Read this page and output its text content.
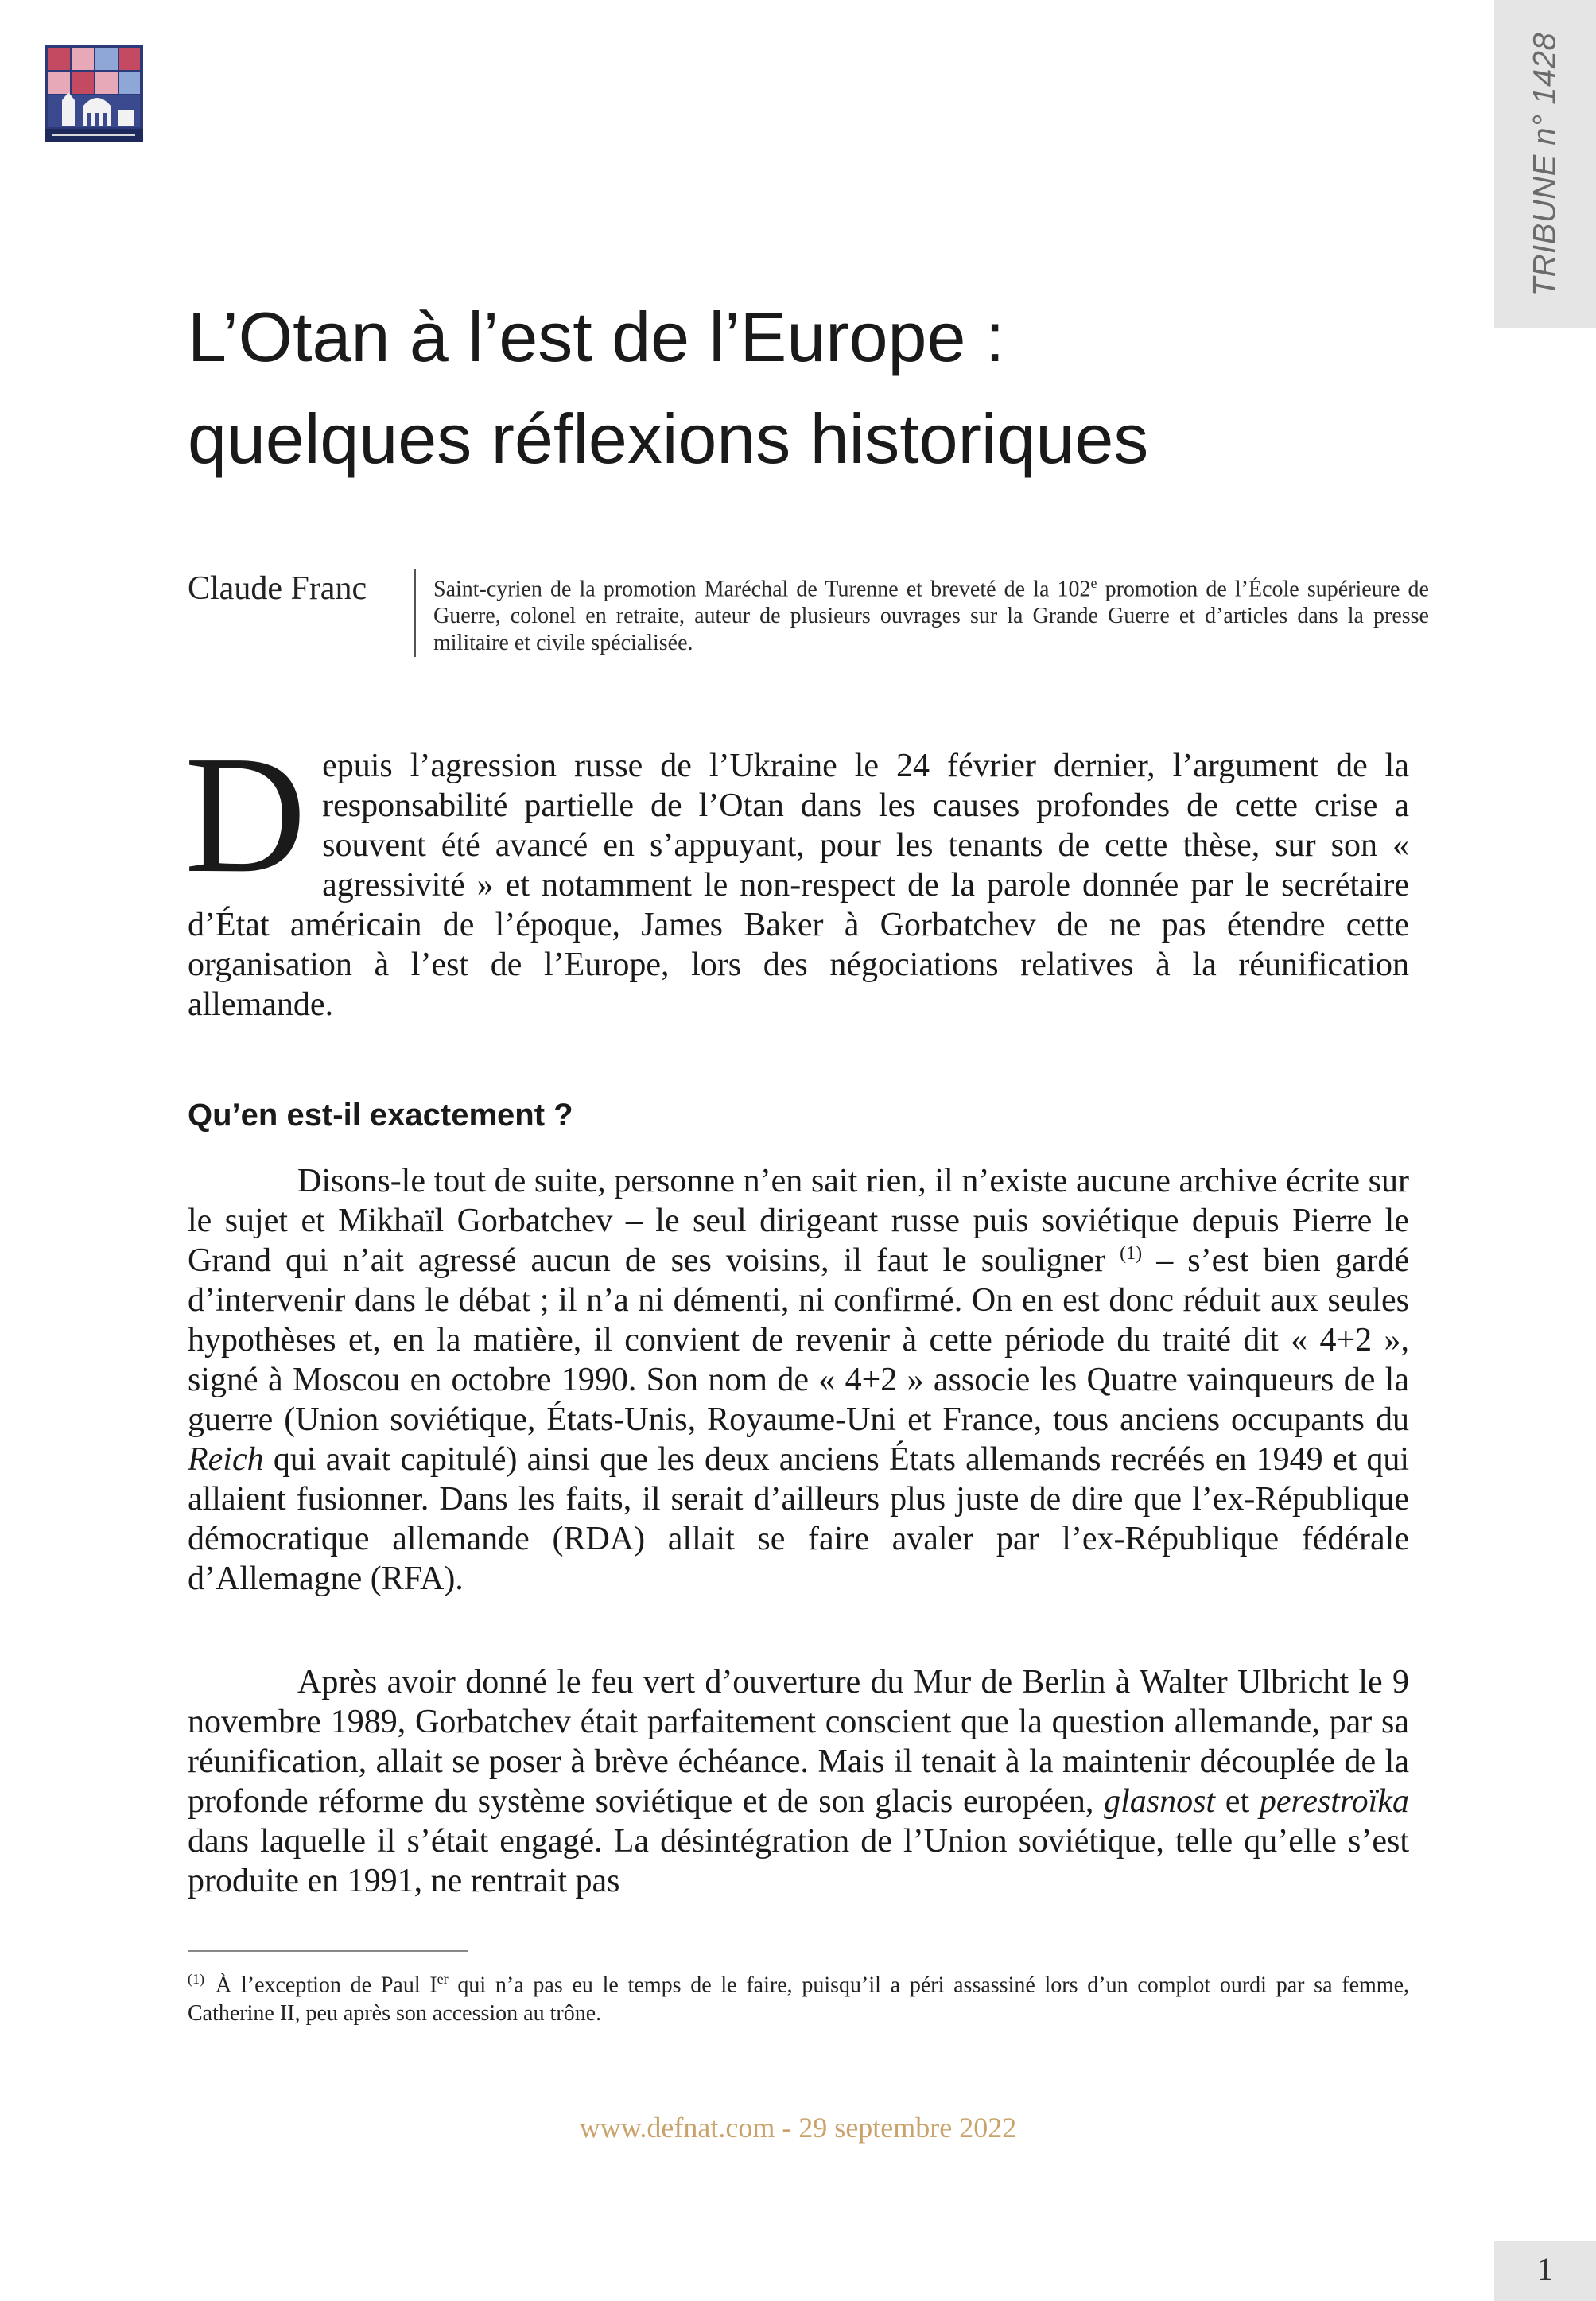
TRIBUNE n° 1428
L’Otan à l’est de l’Europe :
quelques réflexions historiques
Claude Franc	Saint-cyrien de la promotion Maréchal de Turenne et breveté de la 102e promotion de l’École supérieure de Guerre, colonel en retraite, auteur de plusieurs ouvrages sur la Grande Guerre et d’articles dans la presse militaire et civile spécialisée.

Depuis l’agression russe de l’Ukraine le 24 février dernier, l’argument de la responsabilité partielle de l’Otan dans les causes profondes de cette crise a souvent été avancé en s’appuyant, pour les tenants de cette thèse, sur son « agressivité » et notamment le non-respect de la parole donnée par le secrétaire d’État américain de l’époque, James Baker à Gorbatchev de ne pas étendre cette organisation à l’est de l’Europe, lors des négociations relatives à la réunification allemande.

Qu’en est-il exactement ?

Disons-le tout de suite, personne n’en sait rien, il n’existe aucune archive écrite sur le sujet et Mikhaïl Gorbatchev – le seul dirigeant russe puis soviétique depuis Pierre le Grand qui n’ait agressé aucun de ses voisins, il faut le souligner $^{(1)}$ – s’est bien gardé d’intervenir dans le débat ; il n’a ni démenti, ni confirmé. On en est donc réduit aux seules hypothèses et, en la matière, il convient de revenir à cette période du traité dit « 4+2 », signé à Moscou en octobre 1990. Son nom de « 4+2 » associe les Quatre vainqueurs de la guerre (Union soviétique, États-Unis, Royaume-Uni et France, tous anciens occupants du Reich qui avait capitulé) ainsi que les deux anciens États allemands recréés en 1949 et qui allaient fusionner. Dans les faits, il serait d’ailleurs plus juste de dire que l’ex-République démocratique allemande (RDA) allait se faire avaler par l’ex-République fédérale d’Allemagne (RFA).

Après avoir donné le feu vert d’ouverture du Mur de Berlin à Walter Ulbricht le 9 novembre 1989, Gorbatchev était parfaitement conscient que la question allemande, par sa réunification, allait se poser à brève échéance. Mais il tenait à la maintenir découplée de la profonde réforme du système soviétique et de son glacis européen, glasnost et perestroïka dans laquelle il s’était engagé. La désintégration de l’Union soviétique, telle qu’elle s’est produite en 1991, ne rentrait pas

$^{(1)}$ À l’exception de Paul Ier qui n’a pas eu le temps de le faire, puisqu’il a péri assassiné lors d’un complot ourdi par sa femme, Catherine II, peu après son accession au trône.
www.defnat.com - 29 septembre 2022
1
